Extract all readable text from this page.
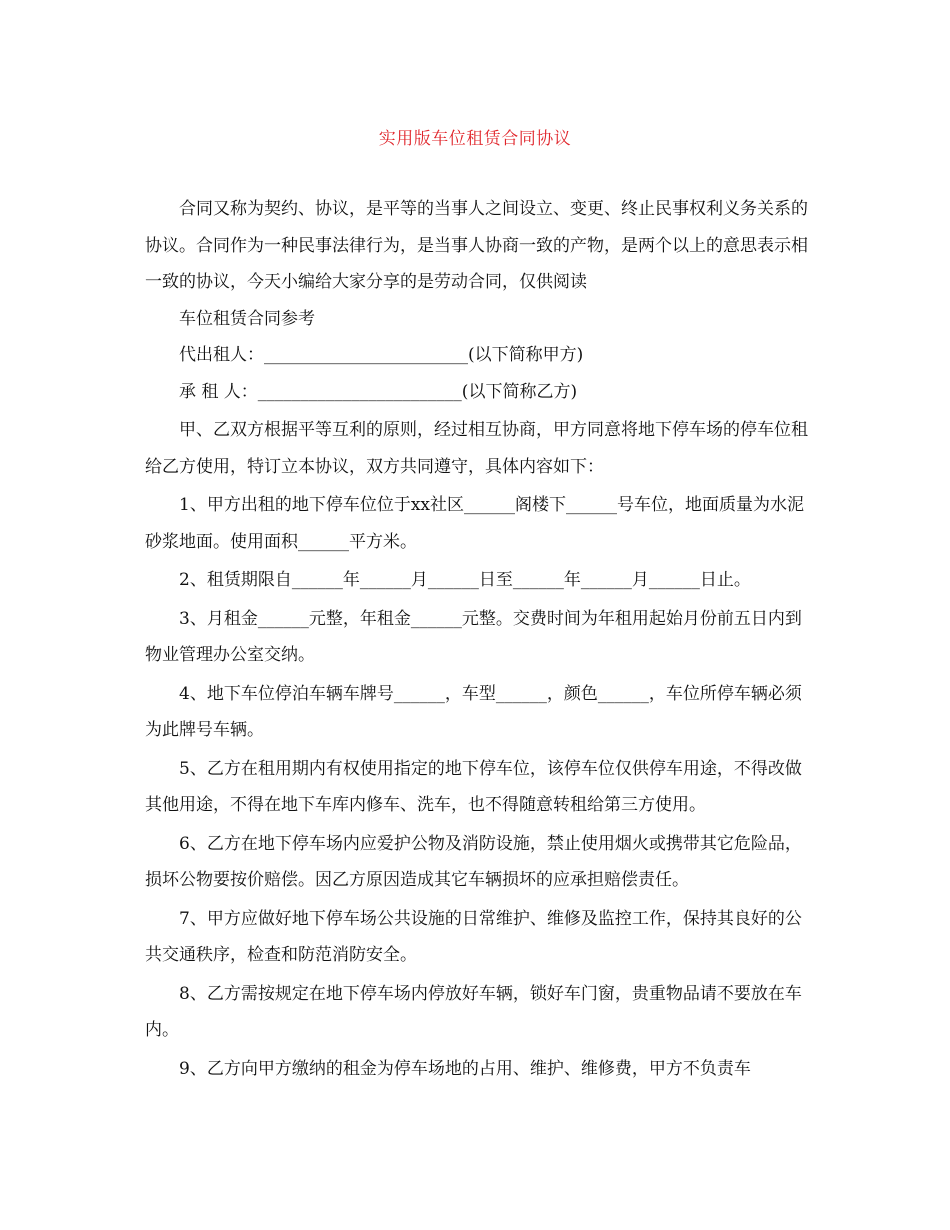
实用版车位租赁合同协议

合同又称为契约、协议，是平等的当事人之间设立、变更、终止民事权利义务关系的协议。合同作为一种民事法律行为，是当事人协商一致的产物，是两个以上的意思表示相一致的协议，今天小编给大家分享的是劳动合同，仅供阅读

车位租赁合同参考

代出租人：________________________(以下简称甲方)

承 租 人：________________________(以下简称乙方)

甲、乙双方根据平等互利的原则，经过相互协商，甲方同意将地下停车场的停车位租给乙方使用，特订立本协议，双方共同遵守，具体内容如下：

1、甲方出租的地下停车位位于xx社区______阁楼下______号车位，地面质量为水泥砂浆地面。使用面积______平方米。

2、租赁期限自______年______月______日至______年______月______日止。

3、月租金______元整，年租金______元整。交费时间为年租用起始月份前五日内到物业管理办公室交纳。

4、地下车位停泊车辆车牌号______，车型______，颜色______，车位所停车辆必须为此牌号车辆。

5、乙方在租用期内有权使用指定的地下停车位，该停车位仅供停车用途，不得改做其他用途，不得在地下车库内修车、洗车，也不得随意转租给第三方使用。

6、乙方在地下停车场内应爱护公物及消防设施，禁止使用烟火或携带其它危险品，损坏公物要按价赔偿。因乙方原因造成其它车辆损坏的应承担赔偿责任。

7、甲方应做好地下停车场公共设施的日常维护、维修及监控工作，保持其良好的公共交通秩序，检查和防范消防安全。

8、乙方需按规定在地下停车场内停放好车辆，锁好车门窗，贵重物品请不要放在车内。

9、乙方向甲方缴纳的租金为停车场地的占用、维护、维修费，甲方不负责车
